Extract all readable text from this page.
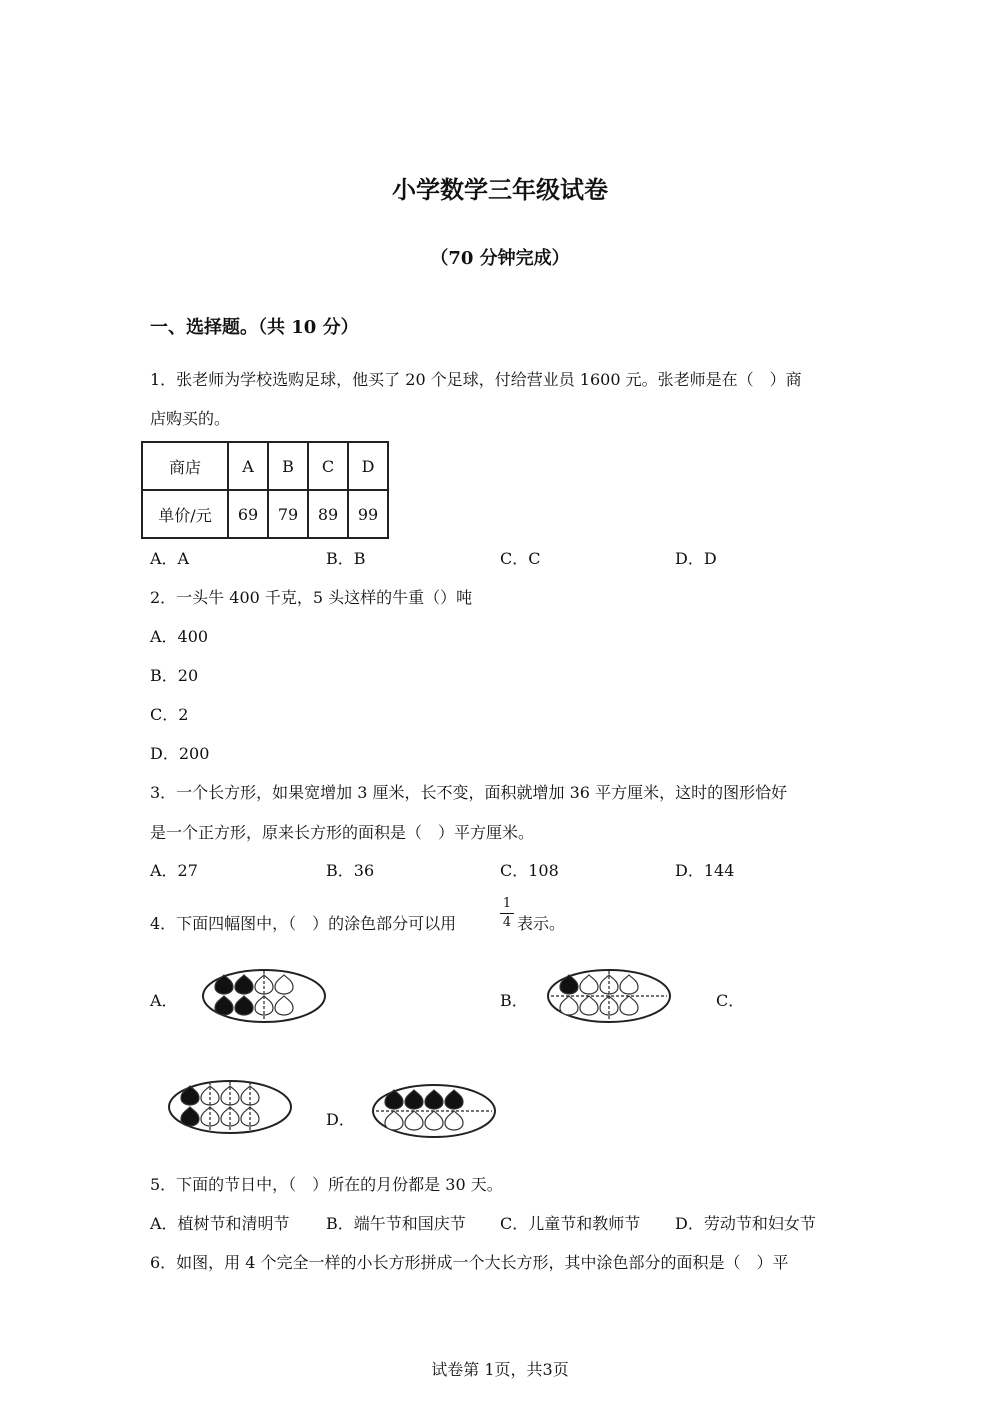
小学数学三年级试卷
（70 分钟完成）
一、选择题。（共 10 分）
1．张老师为学校选购足球，他买了 20 个足球，付给营业员 1600 元。张老师是在（　）商
店购买的。
商店	A	B	C	D
单价/元	69	79	89	99
A．A	B．B	C．C	D．D
2．一头牛 400 千克，5 头这样的牛重（）吨
A．400
B．20
C．2
D．200
3．一个长方形，如果宽增加 3 厘米，长不变，面积就增加 36 平方厘米，这时的图形恰好
是一个正方形，原来长方形的面积是（　）平方厘米。
A．27	B．36	C．108	D．144
4．下面四幅图中，（　）的涂色部分可以用
1
4 表示。
A．	B．	C．
D．
5．下面的节日中，（　）所在的月份都是 30 天。
A．植树节和清明节 B．端午节和国庆节 C．儿童节和教师节 D．劳动节和妇女节
6．如图，用 4 个完全一样的小长方形拼成一个大长方形，其中涂色部分的面积是（　）平
试卷第 1页，共3页
